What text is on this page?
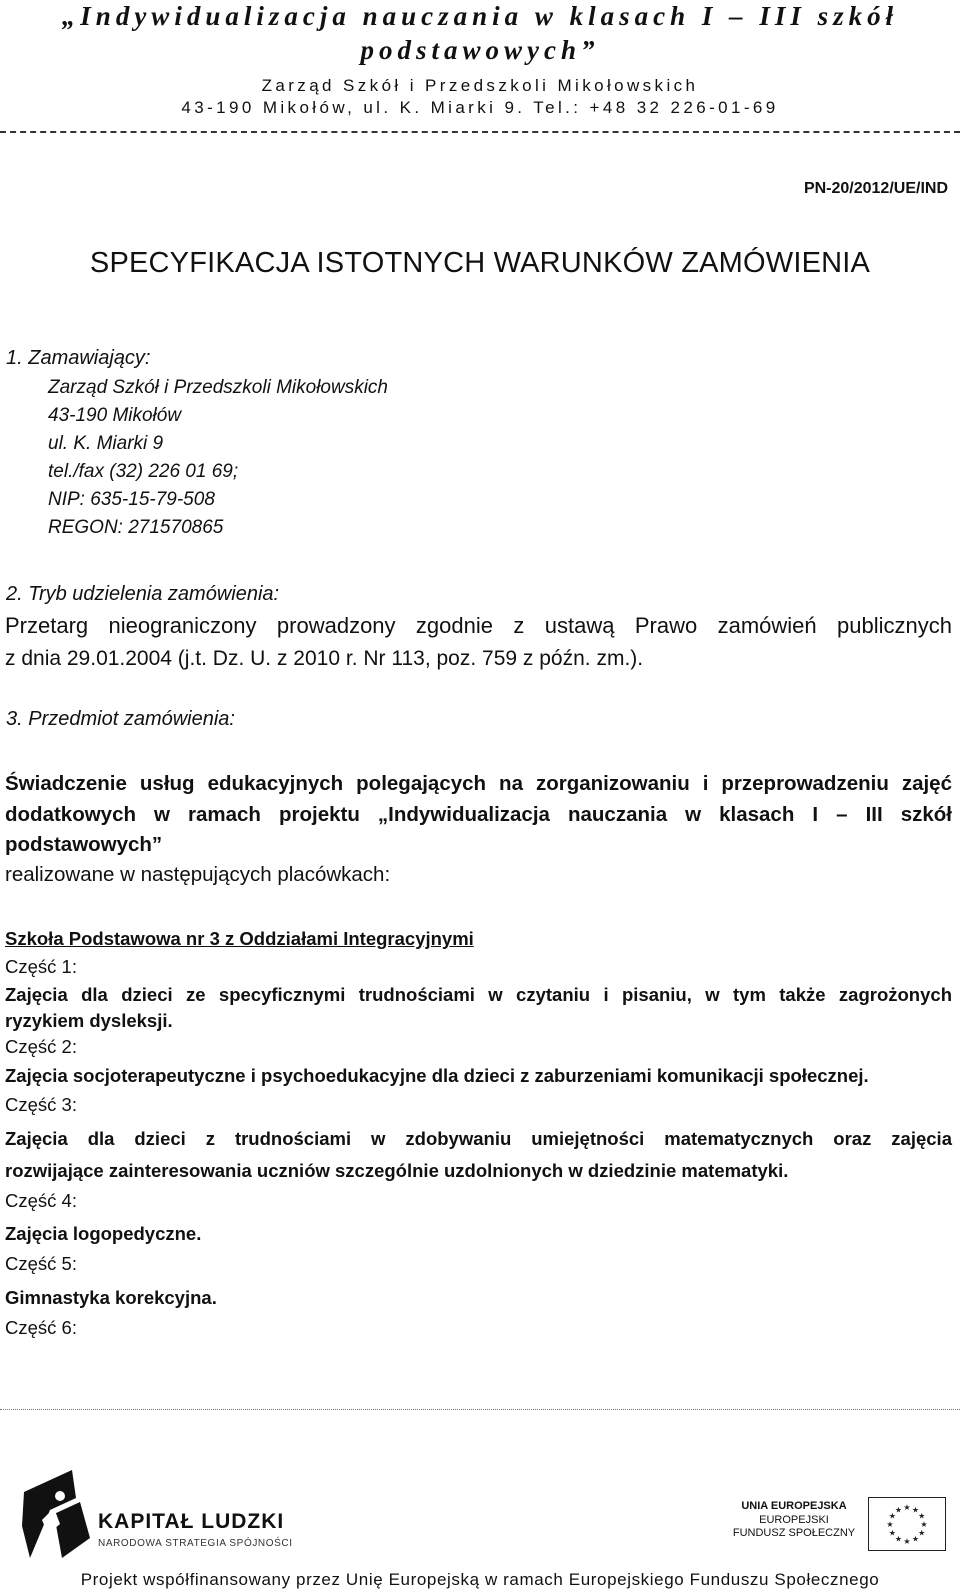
„Indywidualizacja nauczania w klasach I – III szkół
podstawowych”
Zarząd Szkół i Przedszkoli Mikołowskich
43-190 Mikołów, ul. K. Miarki 9. Tel.: +48 32 226-01-69
PN-20/2012/UE/IND
SPECYFIKACJA ISTOTNYCH WARUNKÓW ZAMÓWIENIA
1. Zamawiający:
Zarząd Szkół i Przedszkoli Mikołowskich
43-190 Mikołów
ul. K. Miarki 9
tel./fax (32) 226 01 69;
NIP: 635-15-79-508
REGON: 271570865
2. Tryb udzielenia zamówienia:
Przetarg nieograniczony prowadzony zgodnie z ustawą Prawo zamówień publicznych
z dnia 29.01.2004 (j.t. Dz. U. z 2010 r. Nr 113, poz. 759 z późn. zm.).
3. Przedmiot zamówienia:
Świadczenie usług edukacyjnych polegających na zorganizowaniu i przeprowadzeniu zajęć
dodatkowych w ramach projektu „Indywidualizacja nauczania w klasach I – III szkół
podstawowych”
realizowane w następujących placówkach:
Szkoła Podstawowa nr 3 z Oddziałami Integracyjnymi
Część 1:
Zajęcia dla dzieci ze specyficznymi trudnościami w czytaniu i pisaniu, w tym także zagrożonych
ryzykiem dysleksji.
Część 2:
Zajęcia socjoterapeutyczne i psychoedukacyjne dla dzieci z zaburzeniami komunikacji społecznej.
Część 3:
Zajęcia dla dzieci z trudnościami w zdobywaniu umiejętności matematycznych oraz zajęcia
rozwijające zainteresowania uczniów szczególnie uzdolnionych w dziedzinie matematyki.
Część 4:
Zajęcia logopedyczne.
Część 5:
Gimnastyka korekcyjna.
Część 6:
KAPITAŁ LUDZKI
NARODOWA STRATEGIA SPÓJNOŚCI
UNIA EUROPEJSKA
EUROPEJSKI
FUNDUSZ SPOŁECZNY
★
★
★
★
★
★
★
★
★ ★ ★
★
Projekt współfinansowany przez Unię Europejską w ramach Europejskiego Funduszu Społecznego
